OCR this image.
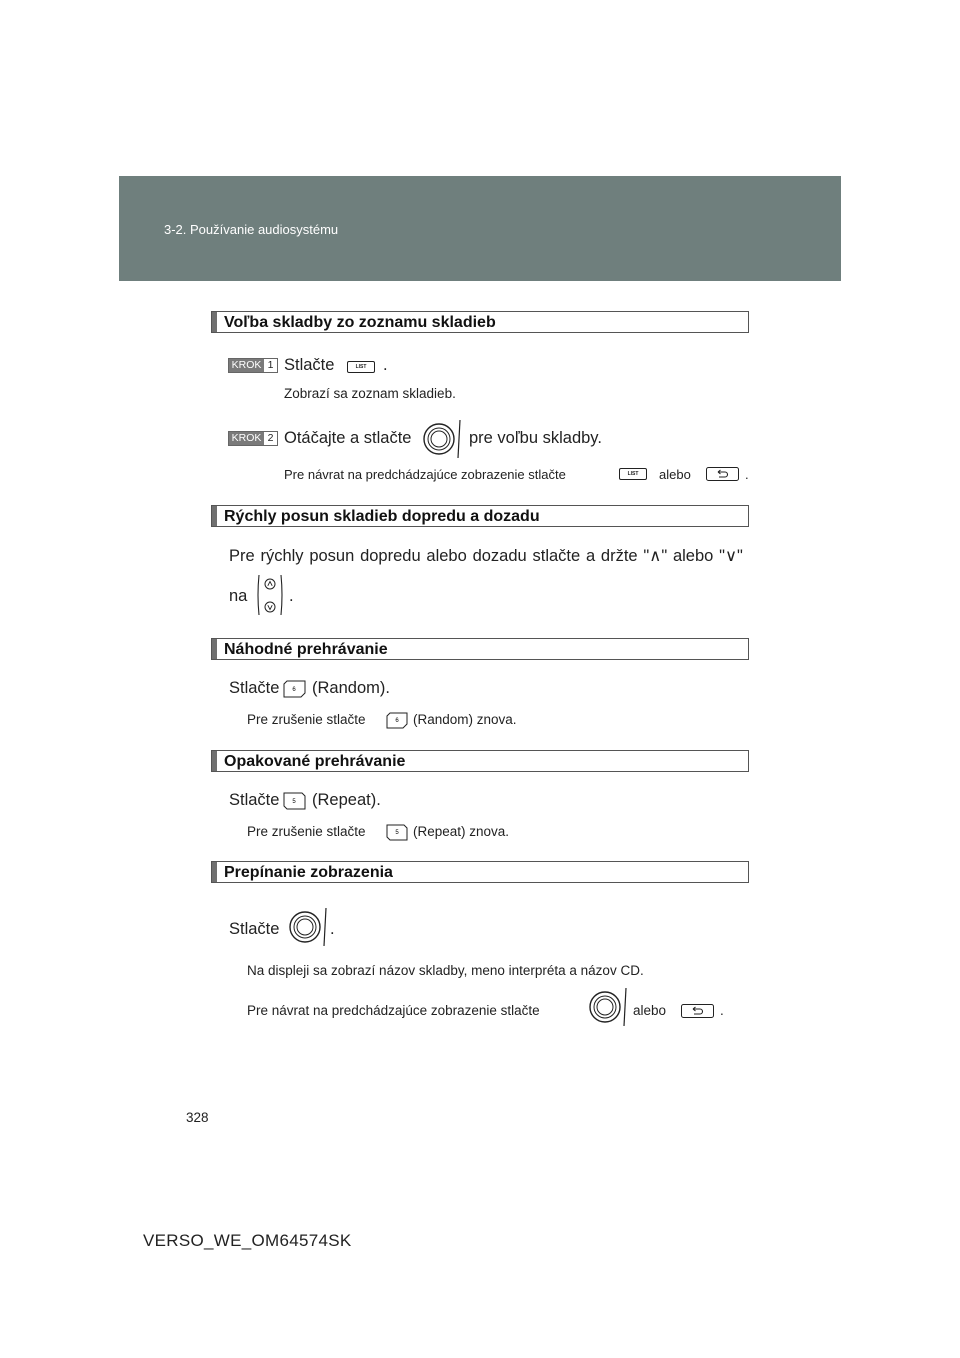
3-2. Používanie audiosystému
Voľba skladby zo zoznamu skladieb
KROK 1 Stlačte	LIST	.
Zobrazí sa zoznam skladieb.
KROK 2 Otáčajte a stlačte	pre voľbu skladby.
Pre návrat na predchádzajúce zobrazenie stlačte	LIST	alebo	.
Rýchly posun skladieb dopredu a dozadu
Pre rýchly posun dopredu alebo dozadu stlačte a držte "∧" alebo "∨"
na	.
Náhodné prehrávanie
Stlačte 6 (Random).
Pre zrušenie stlačte	6 (Random) znova.
Opakované prehrávanie
Stlačte 5 (Repeat).
Pre zrušenie stlačte	5 (Repeat) znova.
Prepínanie zobrazenia
Stlačte	.
Na displeji sa zobrazí názov skladby, meno interpréta a názov CD.
Pre návrat na predchádzajúce zobrazenie stlačte	alebo	.
328
VERSO_WE_OM64574SK
